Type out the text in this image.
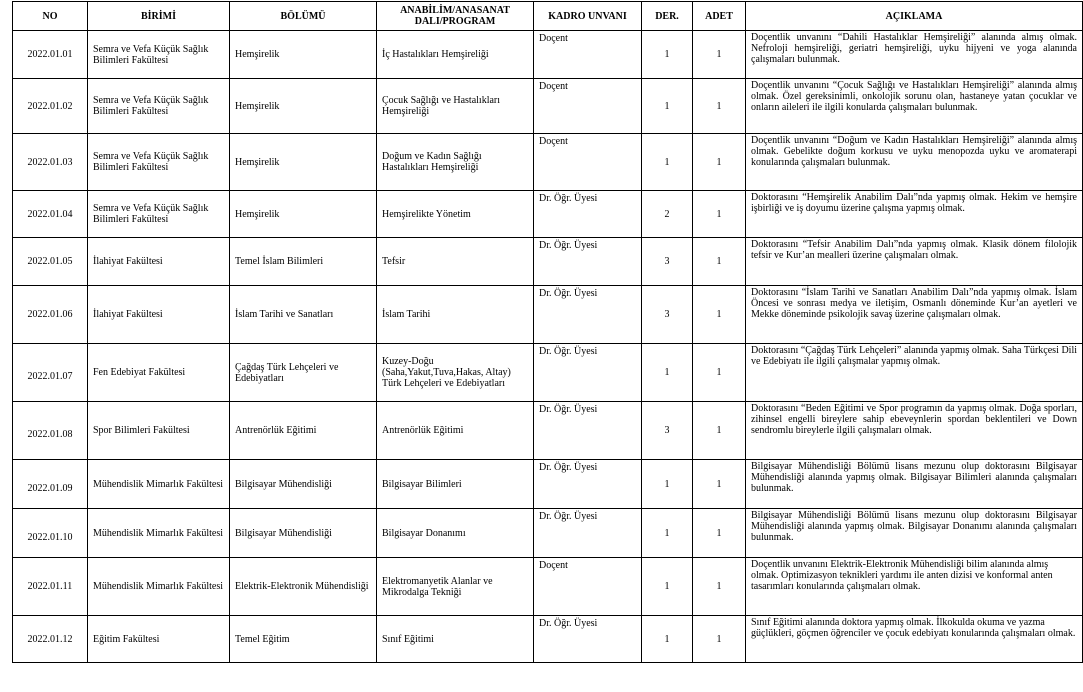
NO	BİRİMİ	BÖLÜMÜ	ANABİLİM/ANASANAT DALI/PROGRAM	KADRO UNVANI	DER.	ADET	AÇIKLAMA
2022.01.01	Semra ve Vefa Küçük Sağlık Bilimleri Fakültesi	Hemşirelik	İç Hastalıkları Hemşireliği	Doçent	1	1	Doçentlik unvanını “Dahili Hastalıklar Hemşireliği” alanında almış olmak. Nefroloji hemşireliği, geriatri hemşireliği, uyku hijyeni ve yoga alanında çalışmaları bulunmak.
2022.01.02	Semra ve Vefa Küçük Sağlık Bilimleri Fakültesi	Hemşirelik	Çocuk Sağlığı ve Hastalıkları Hemşireliği	Doçent	1	1	Doçentlik unvanını “Çocuk Sağlığı ve Hastalıkları Hemşireliği” alanında almış olmak. Özel gereksinimli, onkolojik sorunu olan, hastaneye yatan çocuklar ve onların aileleri ile ilgili konularda çalışmaları bulunmak.
2022.01.03	Semra ve Vefa Küçük Sağlık Bilimleri Fakültesi	Hemşirelik	Doğum ve Kadın Sağlığı Hastalıkları Hemşireliği	Doçent	1	1	Doçentlik unvanını “Doğum ve Kadın Hastalıkları Hemşireliği” alanında almış olmak. Gebelikte doğum korkusu ve uyku menopozda uyku ve aromaterapi konularında çalışmaları bulunmak.
2022.01.04	Semra ve Vefa Küçük Sağlık Bilimleri Fakültesi	Hemşirelik	Hemşirelikte Yönetim	Dr. Öğr. Üyesi	2	1	Doktorasını “Hemşirelik Anabilim Dalı”nda yapmış olmak. Hekim ve hemşire işbirliği ve iş doyumu üzerine çalışma yapmış olmak.
2022.01.05	İlahiyat Fakültesi	Temel İslam Bilimleri	Tefsir	Dr. Öğr. Üyesi	3	1	Doktorasını “Tefsir Anabilim Dalı”nda yapmış olmak. Klasik dönem filolojik tefsir ve Kur’an mealleri üzerine çalışmaları olmak.
2022.01.06	İlahiyat Fakültesi	İslam Tarihi ve Sanatları	İslam Tarihi	Dr. Öğr. Üyesi	3	1	Doktorasını “İslam Tarihi ve Sanatları Anabilim Dalı”nda yapmış olmak. İslam Öncesi ve sonrası medya ve iletişim, Osmanlı döneminde Kur’an ayetleri ve Mekke döneminde psikolojik savaş üzerine çalışmaları olmak.
2022.01.07	Fen Edebiyat Fakültesi	Çağdaş Türk Lehçeleri ve Edebiyatları	Kuzey-Doğu (Saha,Yakut,Tuva,Hakas, Altay) Türk Lehçeleri ve Edebiyatları	Dr. Öğr. Üyesi	1	1	Doktorasını “Çağdaş Türk Lehçeleri” alanında yapmış olmak. Saha Türkçesi Dili ve Edebiyatı ile ilgili çalışmalar yapmış olmak.
2022.01.08	Spor Bilimleri Fakültesi	Antrenörlük Eğitimi	Antrenörlük Eğitimi	Dr. Öğr. Üyesi	3	1	Doktorasını “Beden Eğitimi ve Spor programın da yapmış olmak. Doğa sporları, zihinsel engelli bireylere sahip ebeveynlerin spordan beklentileri ve Down sendromlu bireylerle ilgili çalışmaları olmak.
2022.01.09	Mühendislik Mimarlık Fakültesi	Bilgisayar Mühendisliği	Bilgisayar Bilimleri	Dr. Öğr. Üyesi	1	1	Bilgisayar Mühendisliği Bölümü lisans mezunu olup doktorasını Bilgisayar Mühendisliği alanında yapmış olmak. Bilgisayar Bilimleri alanında çalışmaları bulunmak.
2022.01.10	Mühendislik Mimarlık Fakültesi	Bilgisayar Mühendisliği	Bilgisayar Donanımı	Dr. Öğr. Üyesi	1	1	Bilgisayar Mühendisliği Bölümü lisans mezunu olup doktorasını Bilgisayar Mühendisliği alanında yapmış olmak. Bilgisayar Donanımı alanında çalışmaları bulunmak.
2022.01.11	Mühendislik Mimarlık Fakültesi	Elektrik-Elektronik Mühendisliği	Elektromanyetik Alanlar ve Mikrodalga Tekniği	Doçent	1	1	Doçentlik unvanını Elektrik-Elektronik Mühendisliği bilim alanında almış olmak. Optimizasyon teknikleri yardımı ile anten dizisi ve konformal anten tasarımları konularında çalışmaları olmak.
2022.01.12	Eğitim Fakültesi	Temel Eğitim	Sınıf Eğitimi	Dr. Öğr. Üyesi	1	1	Sınıf Eğitimi alanında doktora yapmış olmak. İlkokulda okuma ve yazma güçlükleri, göçmen öğrenciler ve çocuk edebiyatı konularında çalışmaları olmak.
